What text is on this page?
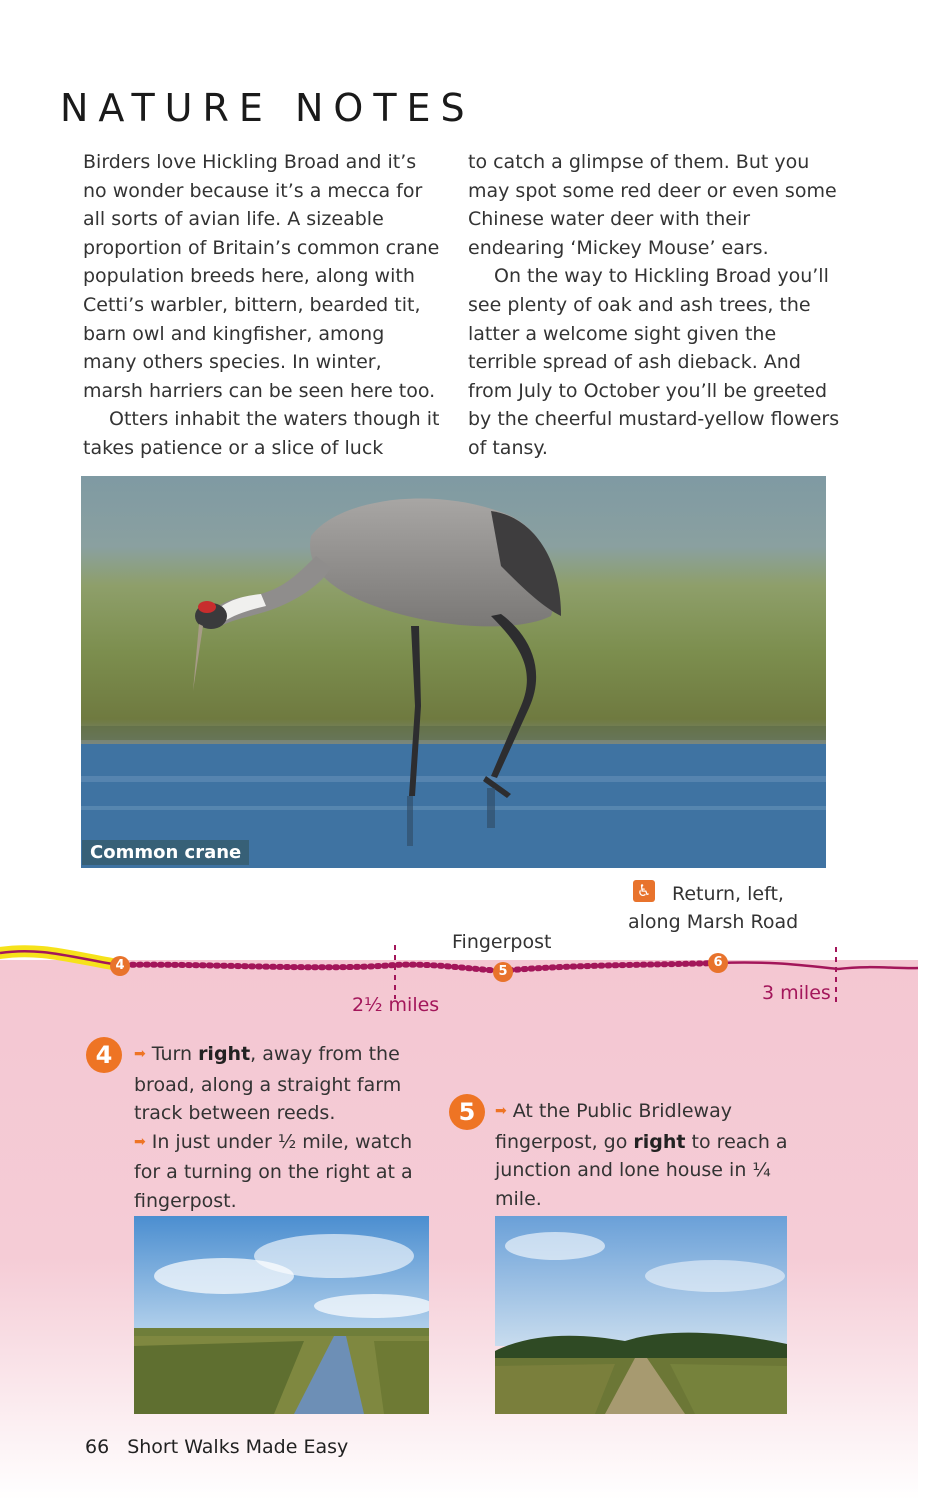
NATURE NOTES

Birders love Hickling Broad and it’s no wonder because it’s a mecca for all sorts of avian life. A sizeable proportion of Britain’s common crane population breeds here, along with Cetti’s warbler, bittern, bearded tit, barn owl and kingfisher, among many others species. In winter, marsh harriers can be seen here too.

Otters inhabit the waters though it takes patience or a slice of luck

to catch a glimpse of them. But you may spot some red deer or even some Chinese water deer with their endearing ‘Mickey Mouse’ ears.

On the way to Hickling Broad you’ll see plenty of oak and ash trees, the latter a welcome sight given the terrible spread of ash dieback. And from July to October you’ll be greeted by the cheerful mustard-yellow flowers of tansy.

Common crane
4	5
6
♿	Return, left, along Marsh Road
Fingerpost
2½ miles
3 miles
4	➡ Turn right, away from the broad, along a straight farm track between reeds.

➡ In just under ½ mile, watch for a turning on the right at a fingerpost.

5	➡ At the Public Bridleway fingerpost, go right to reach a junction and lone house in ¼ mile.

66 Short Walks Made Easy
